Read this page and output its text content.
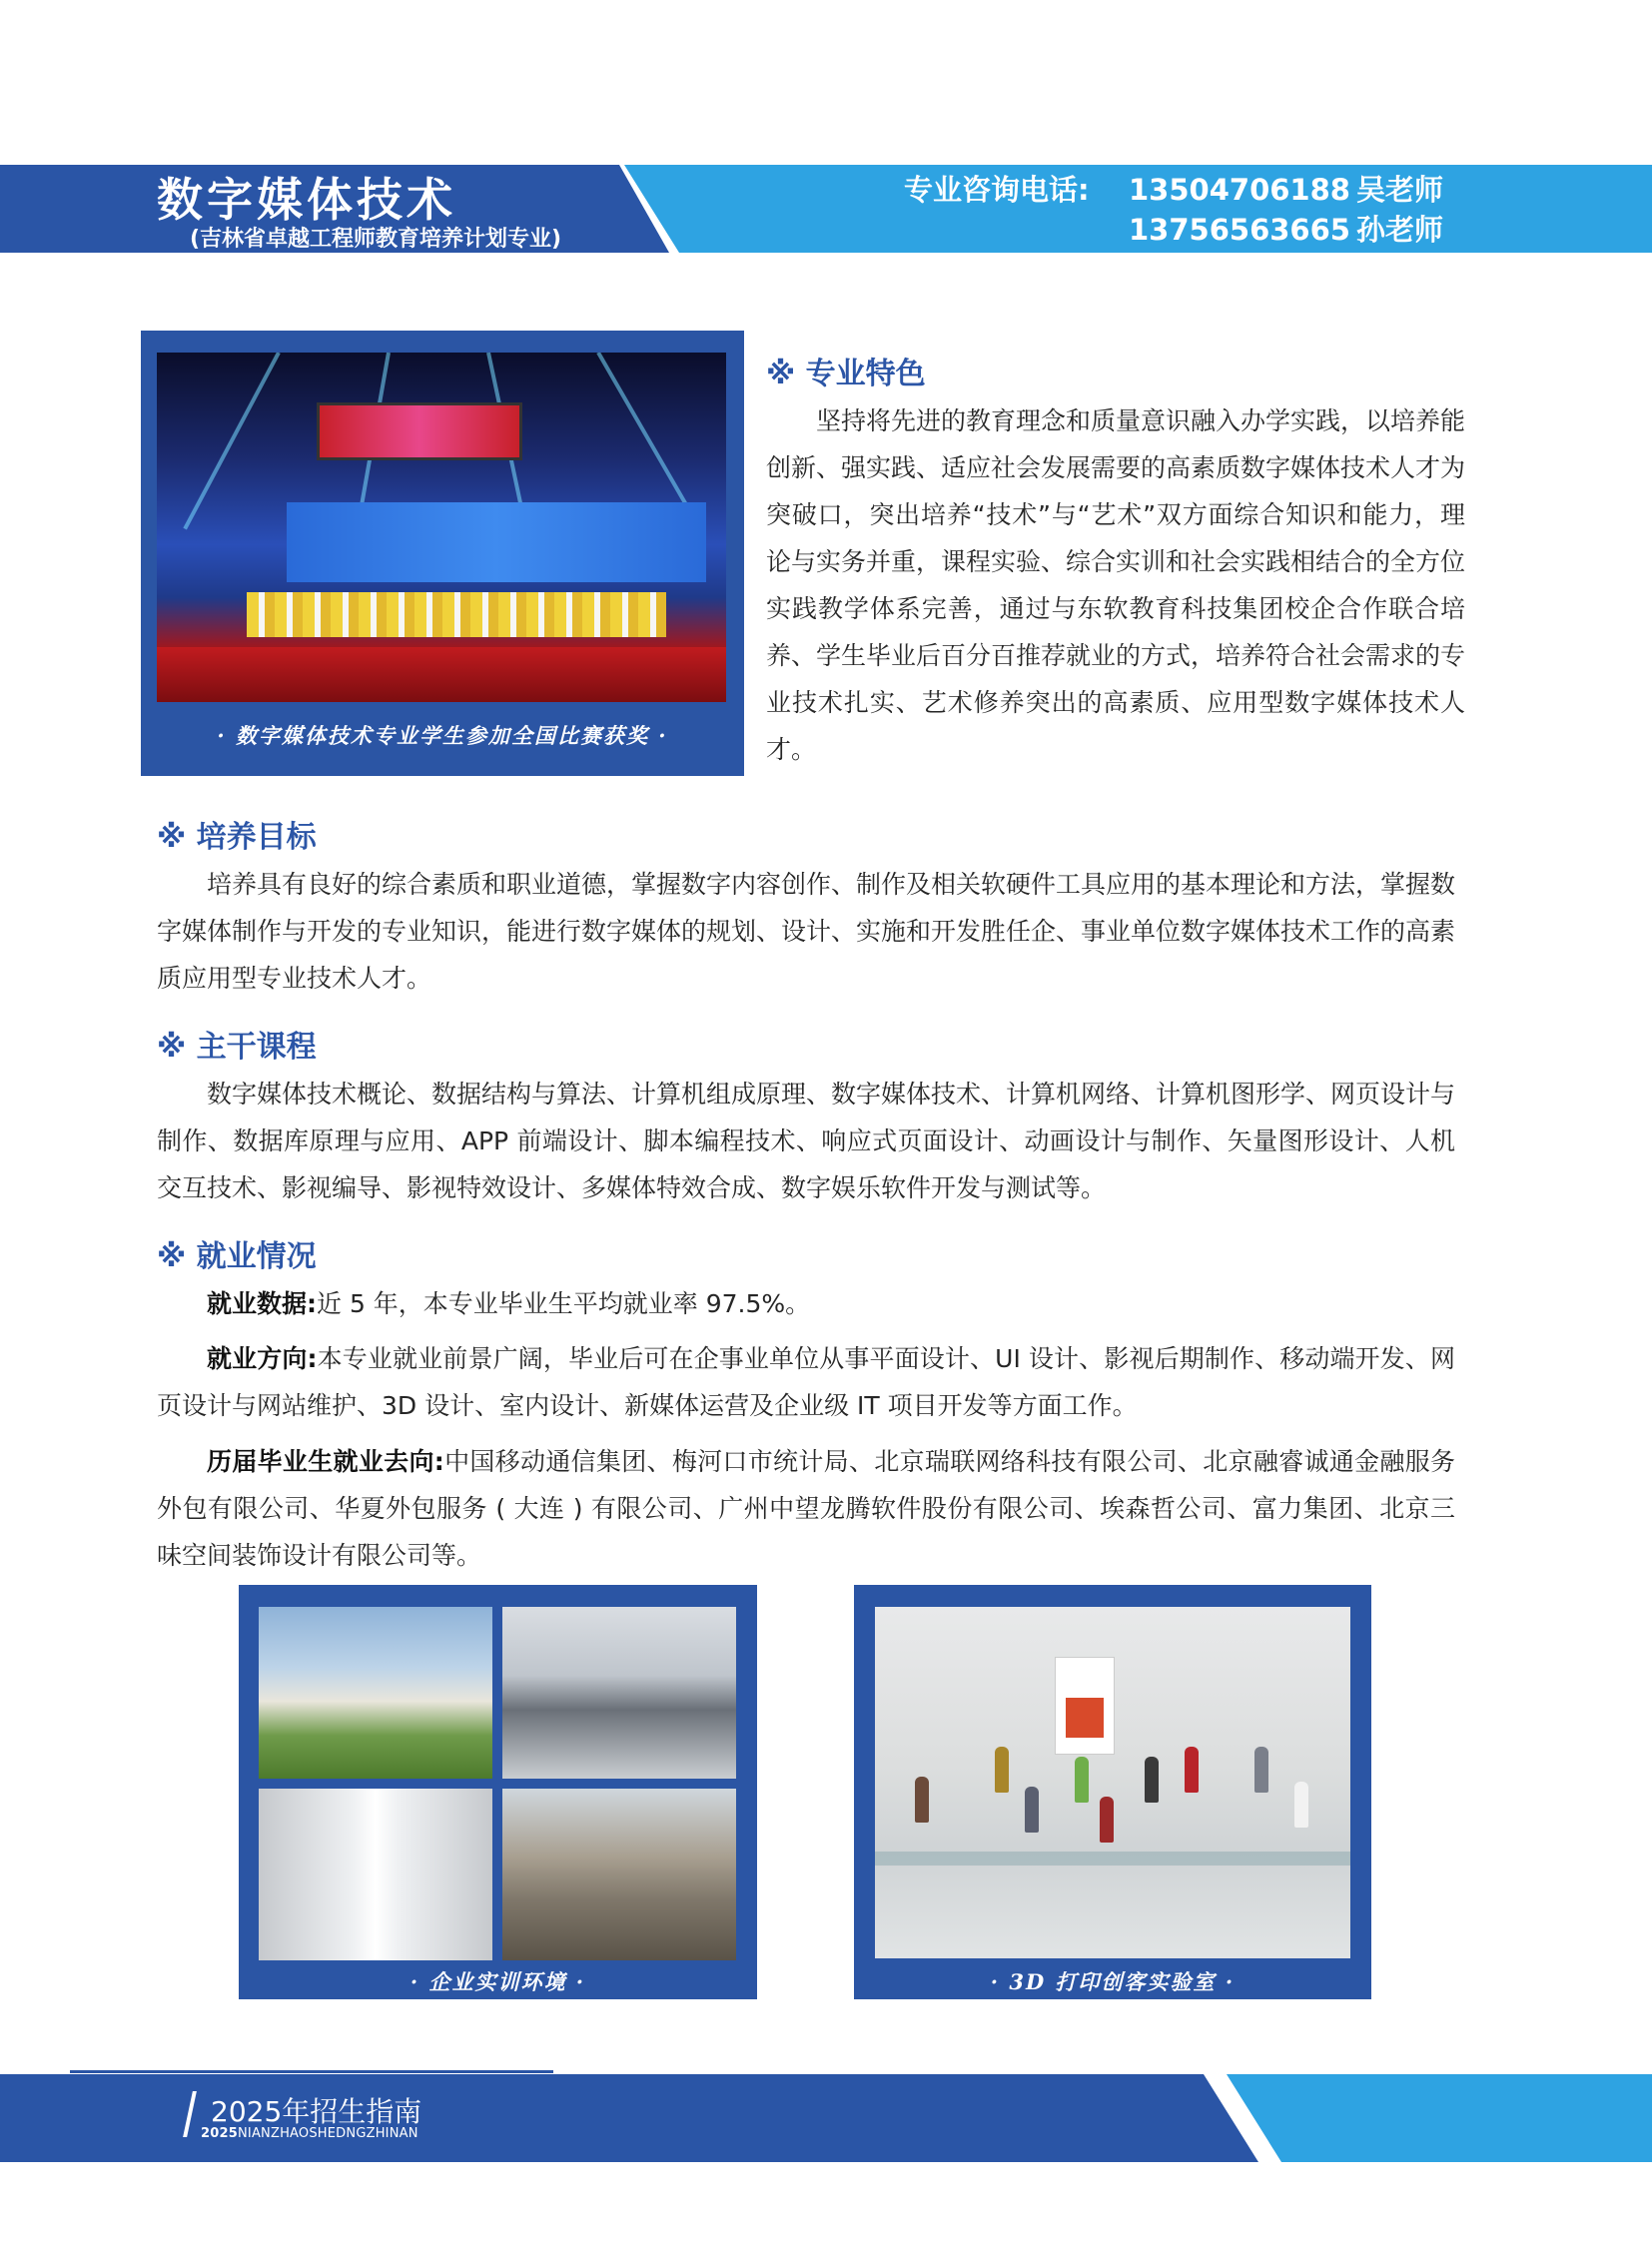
数字媒体技术
(吉林省卓越工程师教育培养计划专业)
专业咨询电话:	13504706188 吴老师
13756563665 孙老师
· 数字媒体技术专业学生参加全国比赛获奖 ·
※ 专业特色

坚持将先进的教育理念和质量意识融入办学实践，以培养能创新、强实践、适应社会发展需要的高素质数字媒体技术人才为突破口，突出培养“技术”与“艺术”双方面综合知识和能力，理论与实务并重，课程实验、综合实训和社会实践相结合的全方位实践教学体系完善，通过与东软教育科技集团校企合作联合培养、学生毕业后百分百推荐就业的方式，培养符合社会需求的专业技术扎实、艺术修养突出的高素质、应用型数字媒体技术人才。

※ 培养目标

培养具有良好的综合素质和职业道德，掌握数字内容创作、制作及相关软硬件工具应用的基本理论和方法，掌握数字媒体制作与开发的专业知识，能进行数字媒体的规划、设计、实施和开发胜任企、事业单位数字媒体技术工作的高素质应用型专业技术人才。

※ 主干课程

数字媒体技术概论、数据结构与算法、计算机组成原理、数字媒体技术、计算机网络、计算机图形学、网页设计与制作、数据库原理与应用、APP 前端设计、脚本编程技术、响应式页面设计、动画设计与制作、矢量图形设计、人机交互技术、影视编导、影视特效设计、多媒体特效合成、数字娱乐软件开发与测试等。

※ 就业情况

就业数据:近 5 年，本专业毕业生平均就业率 97.5%。

就业方向:本专业就业前景广阔，毕业后可在企事业单位从事平面设计、UI 设计、影视后期制作、移动端开发、网页设计与网站维护、3D 设计、室内设计、新媒体运营及企业级 IT 项目开发等方面工作。

历届毕业生就业去向:中国移动通信集团、梅河口市统计局、北京瑞联网络科技有限公司、北京融睿诚通金融服务外包有限公司、华夏外包服务 ( 大连 ) 有限公司、广州中望龙腾软件股份有限公司、埃森哲公司、富力集团、北京三味空间装饰设计有限公司等。

· 企业实训环境 ·	· 3D 打印创客实验室 ·
2025年招生指南
2025NIANZHAOSHEDNGZHINAN
